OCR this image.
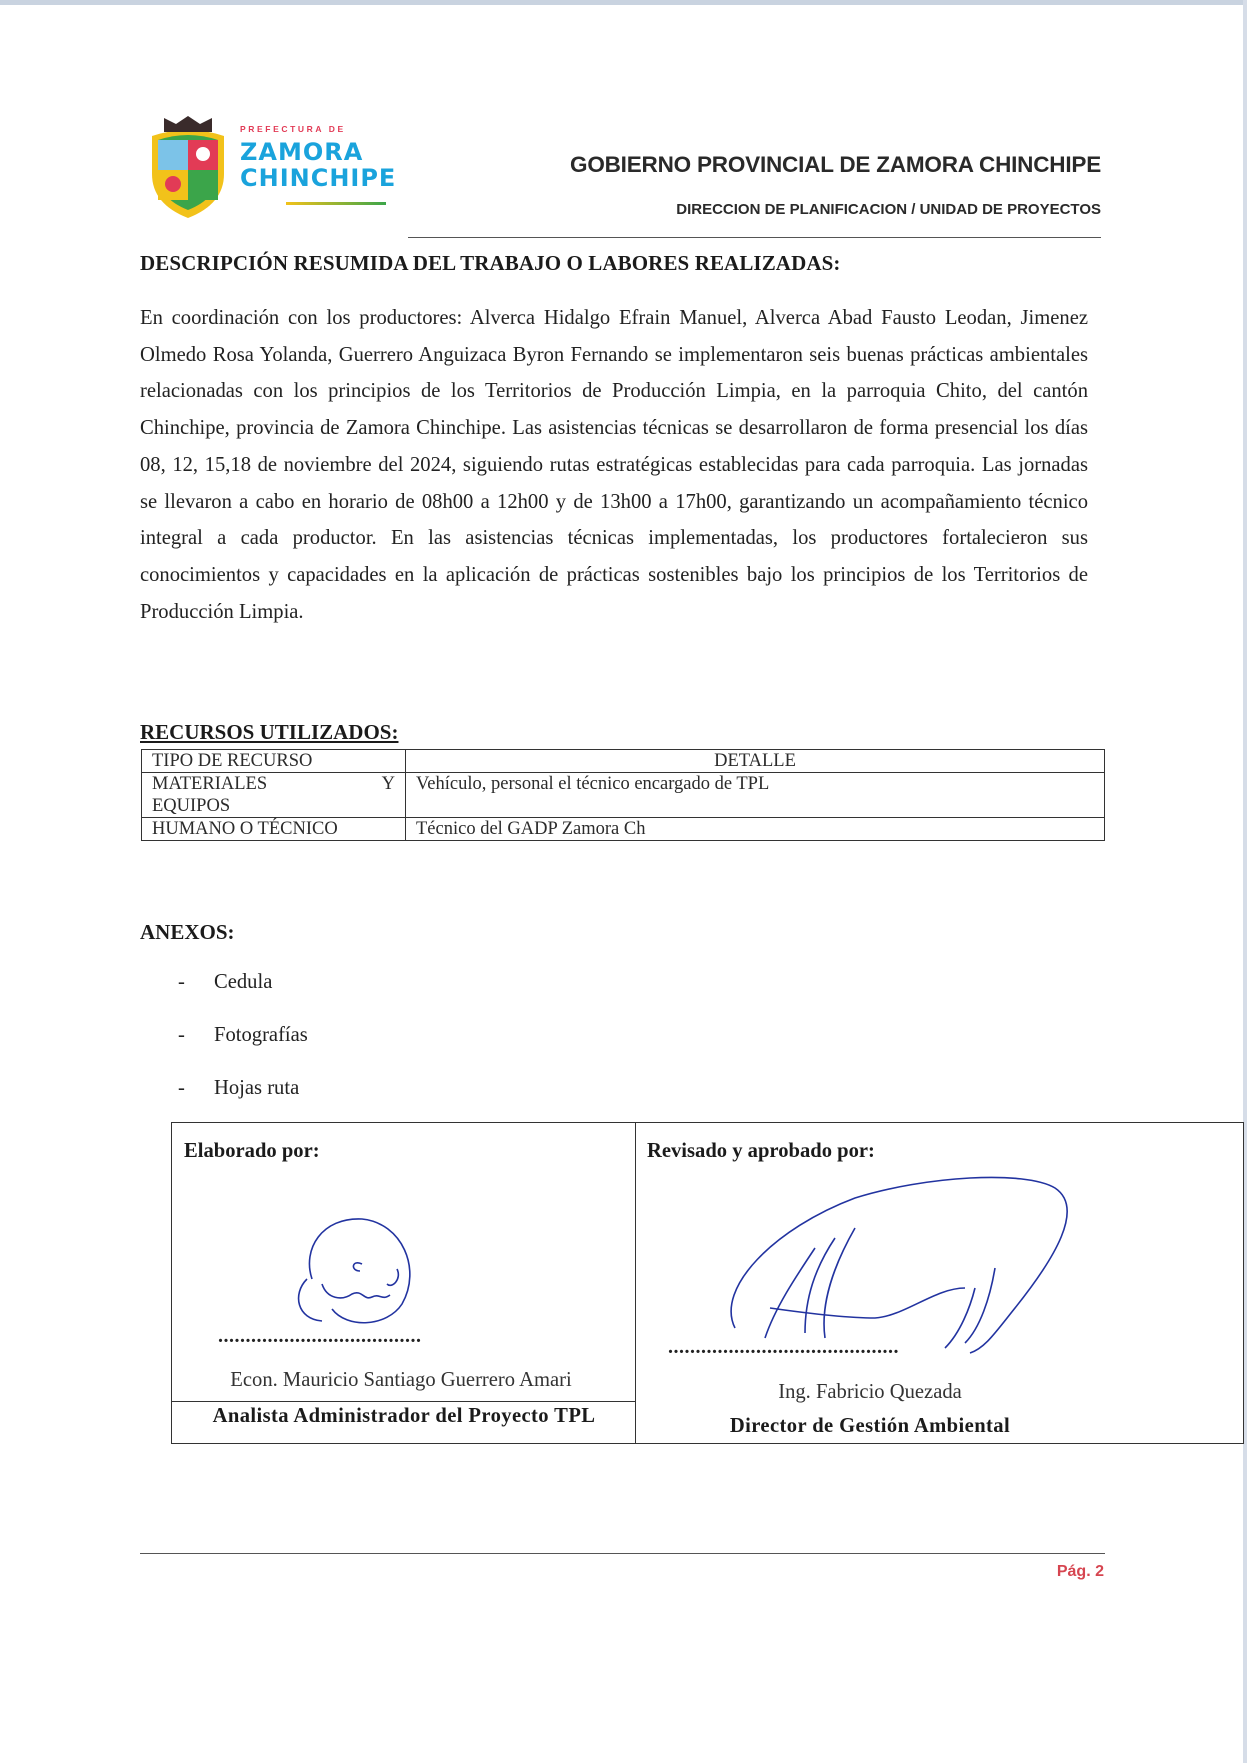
PREFECTURA DE
ZAMORA
CHINCHIPE	GOBIERNO PROVINCIAL DE ZAMORA CHINCHIPE
DIRECCION DE PLANIFICACION / UNIDAD DE PROYECTOS
DESCRIPCIÓN RESUMIDA DEL TRABAJO O LABORES REALIZADAS:
En coordinación con los productores: Alverca Hidalgo Efrain Manuel, Alverca Abad Fausto Leodan, Jimenez Olmedo Rosa Yolanda, Guerrero Anguizaca Byron Fernando se implementaron seis buenas prácticas ambientales relacionadas con los principios de los Territorios de Producción Limpia, en la parroquia Chito, del cantón Chinchipe, provincia de Zamora Chinchipe. Las asistencias técnicas se desarrollaron de forma presencial los días 08, 12, 15,18 de noviembre del 2024, siguiendo rutas estratégicas establecidas para cada parroquia. Las jornadas se llevaron a cabo en horario de 08h00 a 12h00 y de 13h00 a 17h00, garantizando un acompañamiento técnico integral a cada productor. En las asistencias técnicas implementadas, los productores fortalecieron sus conocimientos y capacidades en la aplicación de prácticas sostenibles bajo los principios de los Territorios de Producción Limpia.
RECURSOS UTILIZADOS:
TIPO DE RECURSO	DETALLE

MATERIALES Y
EQUIPOS	Vehículo, personal el técnico encargado de TPL
HUMANO O TÉCNICO	Técnico del GADP Zamora Ch
ANEXOS:
- Cedula
- Fotografías
- Hojas ruta
Elaborado por:
.....................................
Econ. Mauricio Santiago Guerrero Amari
Analista Administrador del Proyecto TPL
Revisado y aprobado por:
..........................................
Ing. Fabricio Quezada
Director de Gestión Ambiental
Pág. 2
